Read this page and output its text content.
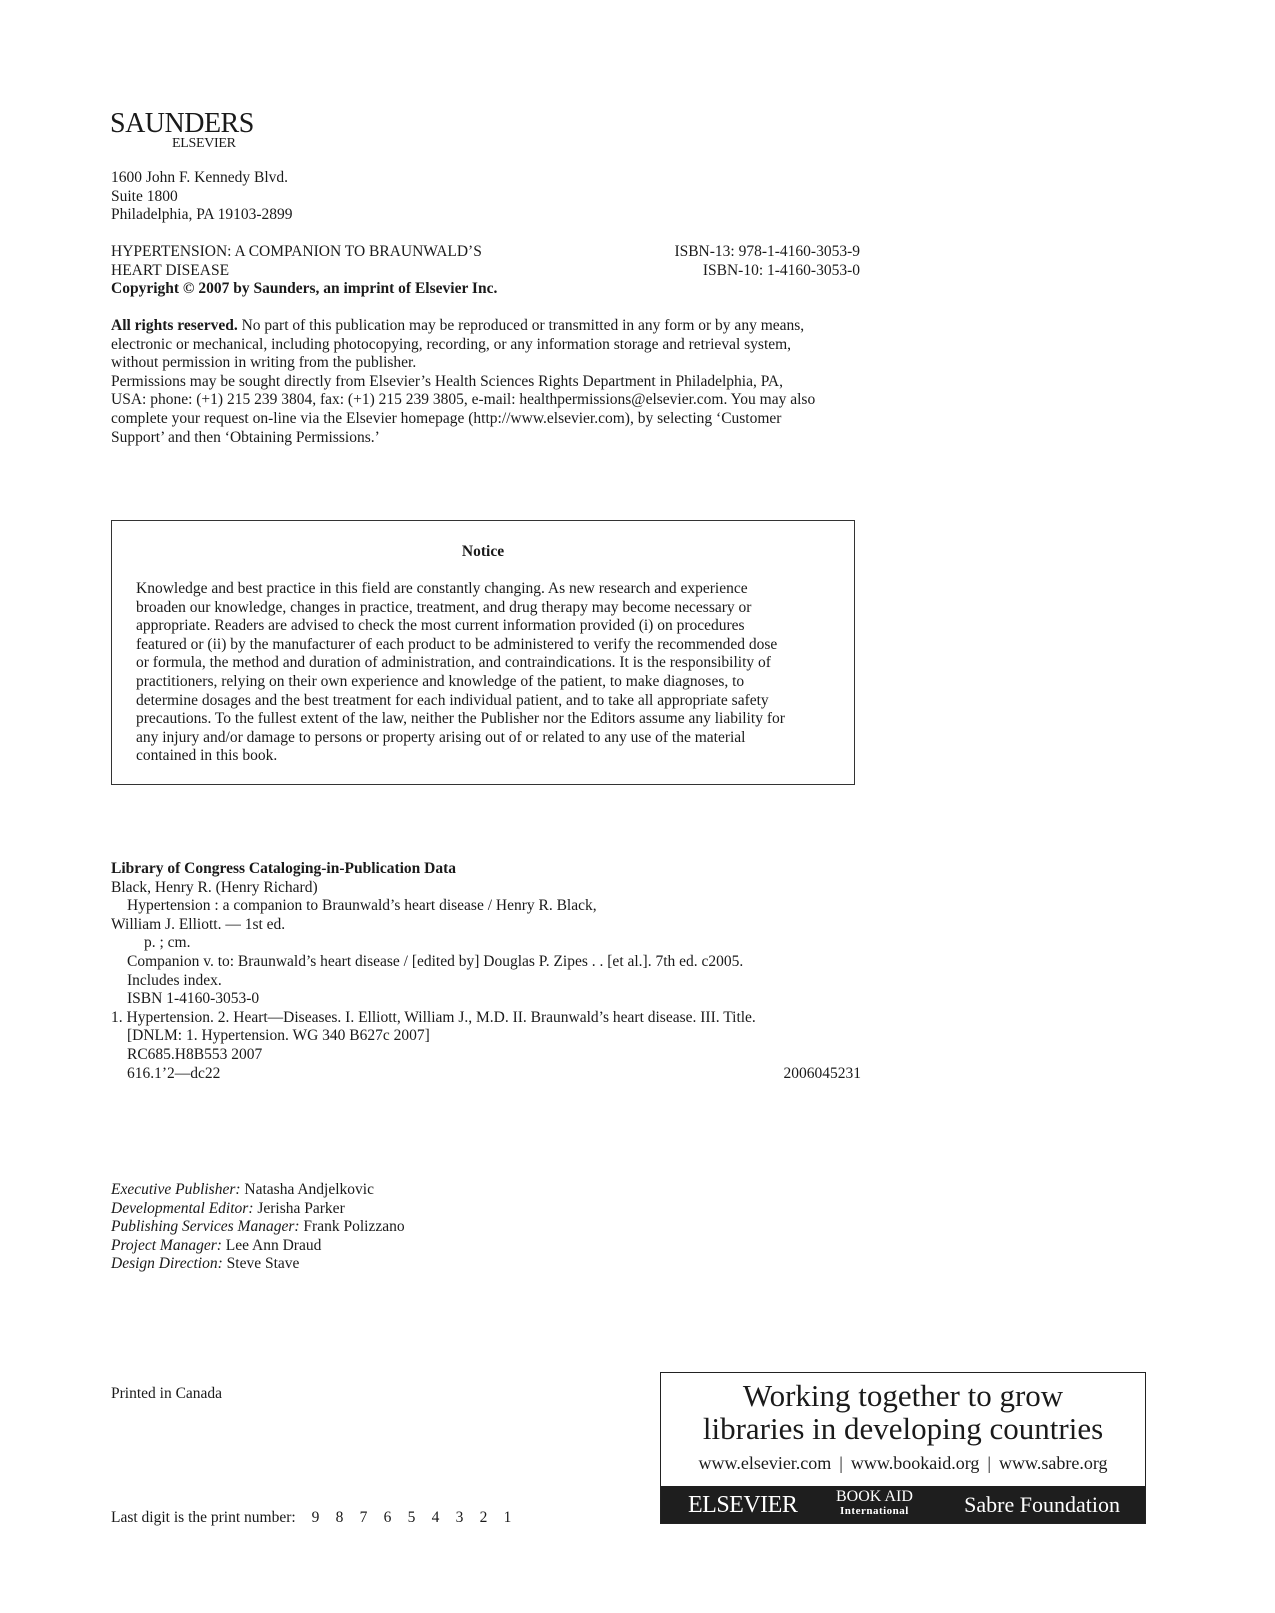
SAUNDERS
ELSEVIER
1600 John F. Kennedy Blvd.
Suite 1800
Philadelphia, PA 19103-2899
HYPERTENSION: A COMPANION TO BRAUNWALD’S
HEART DISEASE
Copyright © 2007 by Saunders, an imprint of Elsevier Inc.
ISBN-13: 978-1-4160-3053-9
ISBN-10: 1-4160-3053-0
All rights reserved. No part of this publication may be reproduced or transmitted in any form or by any means,
electronic or mechanical, including photocopying, recording, or any information storage and retrieval system,
without permission in writing from the publisher.
Permissions may be sought directly from Elsevier’s Health Sciences Rights Department in Philadelphia, PA,
USA: phone: (+1) 215 239 3804, fax: (+1) 215 239 3805, e-mail: healthpermissions@elsevier.com. You may also
complete your request on-line via the Elsevier homepage (http://www.elsevier.com), by selecting ‘Customer
Support’ and then ‘Obtaining Permissions.’
Notice
Knowledge and best practice in this field are constantly changing. As new research and experience
broaden our knowledge, changes in practice, treatment, and drug therapy may become necessary or
appropriate. Readers are advised to check the most current information provided (i) on procedures
featured or (ii) by the manufacturer of each product to be administered to verify the recommended dose
or formula, the method and duration of administration, and contraindications. It is the responsibility of
practitioners, relying on their own experience and knowledge of the patient, to make diagnoses, to
determine dosages and the best treatment for each individual patient, and to take all appropriate safety
precautions. To the fullest extent of the law, neither the Publisher nor the Editors assume any liability for
any injury and/or damage to persons or property arising out of or related to any use of the material
contained in this book.
Library of Congress Cataloging-in-Publication Data
Black, Henry R. (Henry Richard)
Hypertension : a companion to Braunwald’s heart disease / Henry R. Black,
William J. Elliott. — 1st ed.
p. ; cm.
Companion v. to: Braunwald’s heart disease / [edited by] Douglas P. Zipes . . [et al.]. 7th ed. c2005.
Includes index.
ISBN 1-4160-3053-0
1. Hypertension. 2. Heart—Diseases. I. Elliott, William J., M.D. II. Braunwald’s heart disease. III. Title.
[DNLM: 1. Hypertension. WG 340 B627c 2007]
RC685.H8B553 2007
616.1’2—dc22	2006045231
Executive Publisher: Natasha Andjelkovic
Developmental Editor: Jerisha Parker
Publishing Services Manager: Frank Polizzano
Project Manager: Lee Ann Draud
Design Direction: Steve Stave
Printed in Canada
Last digit is the print number: 9 8 7 6 5 4 3 2 1
Working together to grow
libraries in developing countries
www.elsevier.com | www.bookaid.org | www.sabre.org
ELSEVIER BOOK AID
International	Sabre Foundation
